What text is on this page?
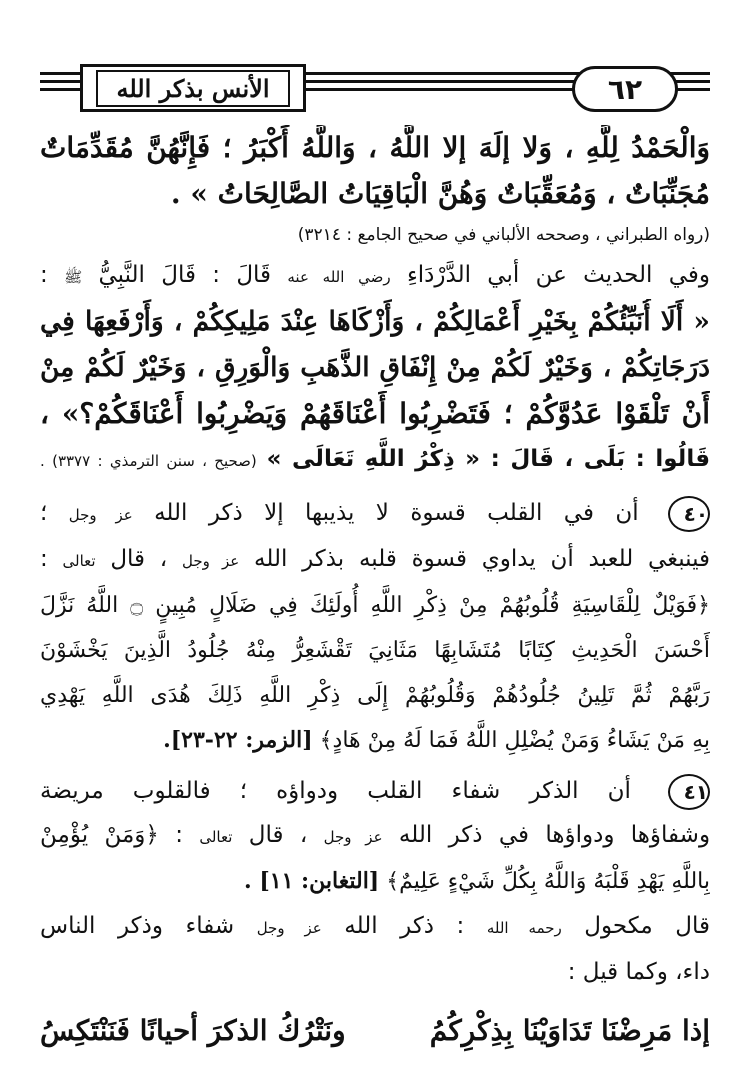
٦٢
الأنس بذكر الله
وَالْحَمْدُ لِلَّهِ ، وَلا إلَهَ إلا اللَّهُ ، وَاللَّهُ أَكْبَرُ ؛ فَإِنَّهُنَّ مُقَدِّمَاتٌ
مُجَنِّبَاتٌ ، وَمُعَقِّبَاتٌ وَهُنَّ الْبَاقِيَاتُ الصَّالِحَاتُ » .
(رواه الطبراني ، وصححه الألباني في صحيح الجامع : ٣٢١٤)
وفي الحديث عن أبي الدَّرْدَاءِ رضي الله عنه قَالَ : قَالَ النَّبِيُّ ﷺ :
« أَلَا أُنَبِّئُكُمْ بِخَيْرِ أَعْمَالِكُمْ ، وَأَزْكَاهَا عِنْدَ مَلِيكِكُمْ ، وَأَرْفَعِهَا فِي
دَرَجَاتِكُمْ ، وَخَيْرٌ لَكُمْ مِنْ إِنْفَاقِ الذَّهَبِ وَالْوَرِقِ ، وَخَيْرٌ لَكُمْ مِنْ
أَنْ تَلْقَوْا عَدُوَّكُمْ ؛ فَتَضْرِبُوا أَعْنَاقَهُمْ وَيَضْرِبُوا أَعْنَاقَكُمْ؟» ،
قَالُوا : بَلَى ، قَالَ : « ذِكْرُ اللَّهِ تَعَالَى » (صحيح ، سنن الترمذي : ٣٣٧٧) .
٤٠ أن في القلب قسوة لا يذيبها إلا ذكر الله عز وجل ؛
فينبغي للعبد أن يداوي قسوة قلبه بذكر الله عز وجل ، قال تعالى :
﴿فَوَيْلٌ لِلْقَاسِيَةِ قُلُوبُهُمْ مِنْ ذِكْرِ اللَّهِ أُولَئِكَ فِي ضَلَالٍ مُبِينٍ ۝ اللَّهُ نَزَّلَ
أَحْسَنَ الْحَدِيثِ كِتَابًا مُتَشَابِهًا مَثَانِيَ تَقْشَعِرُّ مِنْهُ جُلُودُ الَّذِينَ يَخْشَوْنَ
رَبَّهُمْ ثُمَّ تَلِينُ جُلُودُهُمْ وَقُلُوبُهُمْ إِلَى ذِكْرِ اللَّهِ ذَلِكَ هُدَى اللَّهِ يَهْدِي
بِهِ مَنْ يَشَاءُ وَمَنْ يُضْلِلِ اللَّهُ فَمَا لَهُ مِنْ هَادٍ﴾ [الزمر: ٢٢-٢٣].
٤١ أن الذكر شفاء القلب ودواؤه ؛ فالقلوب مريضة
وشفاؤها ودواؤها في ذكر الله عز وجل ، قال تعالى : ﴿وَمَنْ يُؤْمِنْ
بِاللَّهِ يَهْدِ قَلْبَهُ وَاللَّهُ بِكُلِّ شَيْءٍ عَلِيمٌ﴾ [التغابن: ١١] .
قال مكحول رحمه الله : ذكر الله عز وجل شفاء وذكر الناس
داء، وكما قيل :
إذا مَرِضْنَا تَدَاوَيْنَا بِذِكْرِكُمُ
ونَتْرُكُ الذكرَ أحيانًا فَنَنْتَكِسُ
